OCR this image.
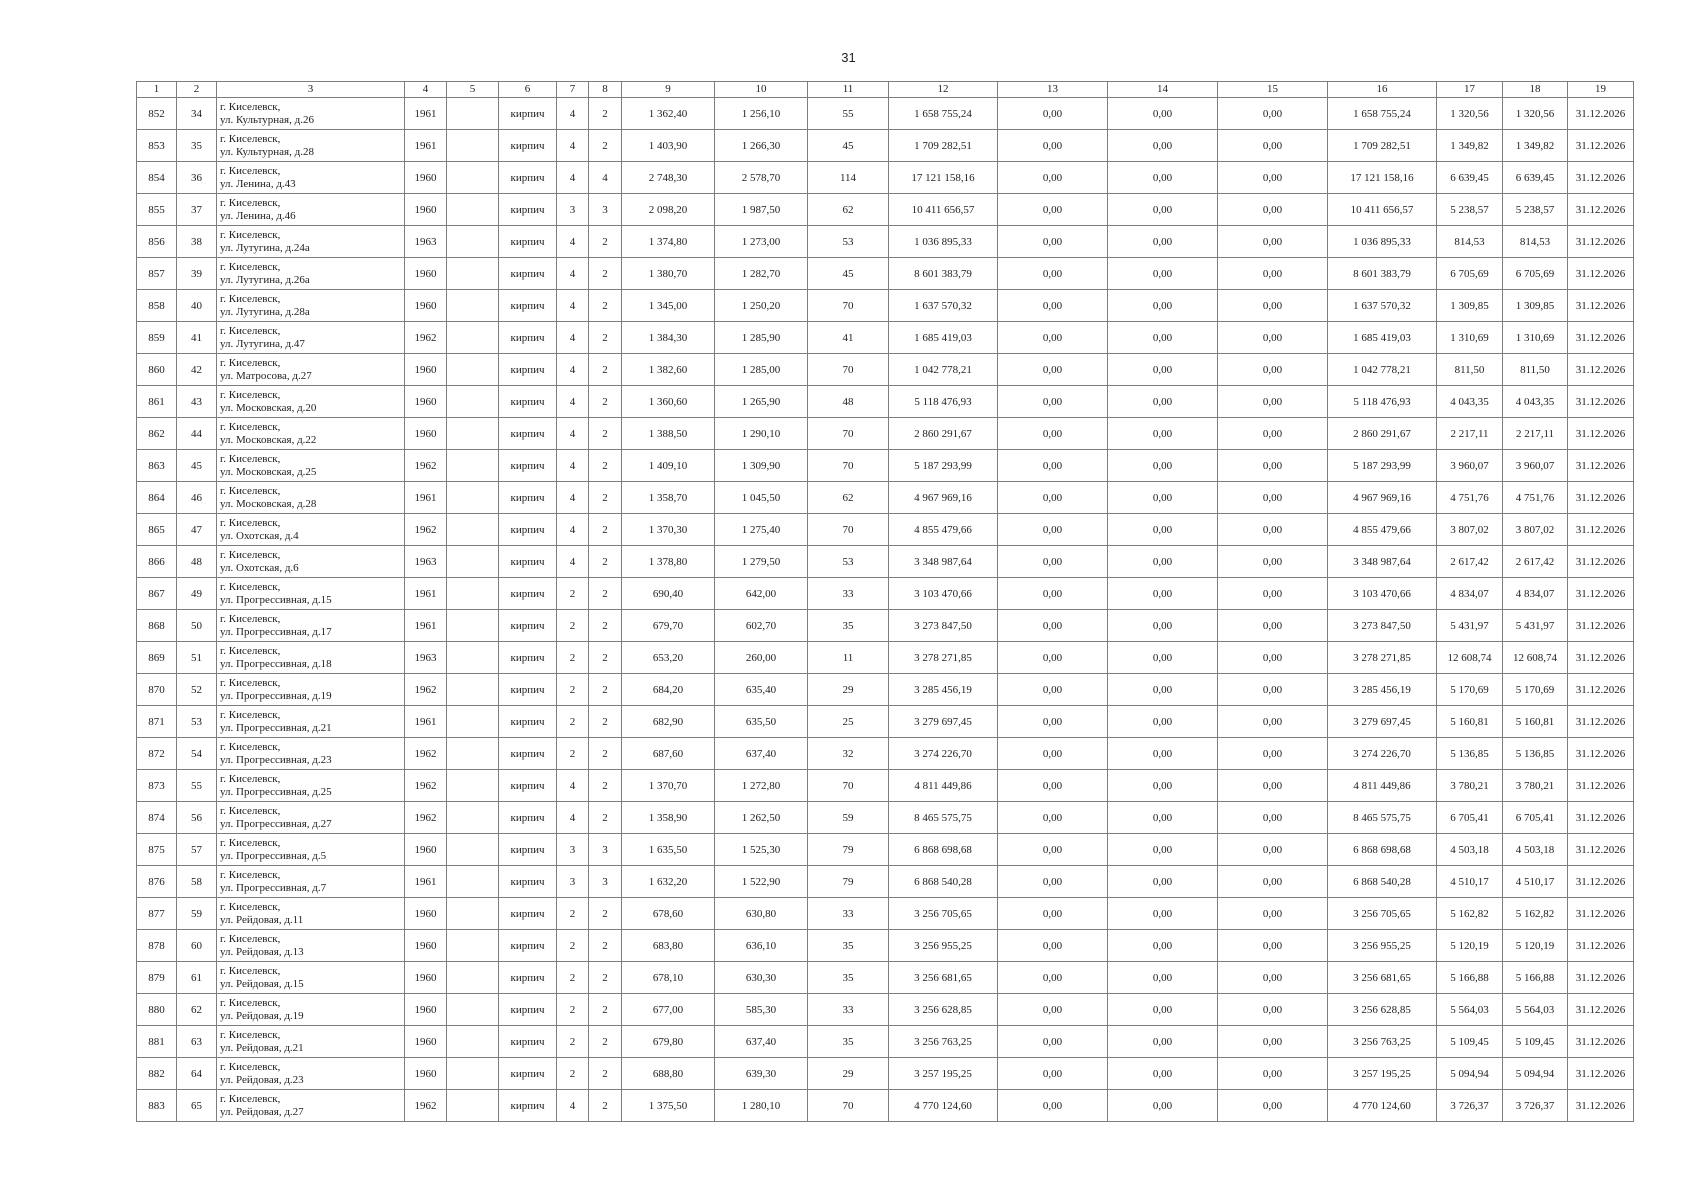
31
1	2	3	4	5	6	7	8	9	10	11	12	13	14	15	16	17	18	19
852	34	г. Киселевск,
ул. Культурная, д.26	1961		кирпич	4	2	1 362,40	1 256,10	55	1 658 755,24	0,00	0,00	0,00	1 658 755,24	1 320,56	1 320,56	31.12.2026
853	35	г. Киселевск,
ул. Культурная, д.28	1961		кирпич	4	2	1 403,90	1 266,30	45	1 709 282,51	0,00	0,00	0,00	1 709 282,51	1 349,82	1 349,82	31.12.2026
854	36	г. Киселевск,
ул. Ленина, д.43	1960		кирпич	4	4	2 748,30	2 578,70	114	17 121 158,16	0,00	0,00	0,00	17 121 158,16	6 639,45	6 639,45	31.12.2026
855	37	г. Киселевск,
ул. Ленина, д.46	1960		кирпич	3	3	2 098,20	1 987,50	62	10 411 656,57	0,00	0,00	0,00	10 411 656,57	5 238,57	5 238,57	31.12.2026
856	38	г. Киселевск,
ул. Лутугина, д.24а	1963		кирпич	4	2	1 374,80	1 273,00	53	1 036 895,33	0,00	0,00	0,00	1 036 895,33	814,53	814,53	31.12.2026
857	39	г. Киселевск,
ул. Лутугина, д.26а	1960		кирпич	4	2	1 380,70	1 282,70	45	8 601 383,79	0,00	0,00	0,00	8 601 383,79	6 705,69	6 705,69	31.12.2026
858	40	г. Киселевск,
ул. Лутугина, д.28а	1960		кирпич	4	2	1 345,00	1 250,20	70	1 637 570,32	0,00	0,00	0,00	1 637 570,32	1 309,85	1 309,85	31.12.2026
859	41	г. Киселевск,
ул. Лутугина, д.47	1962		кирпич	4	2	1 384,30	1 285,90	41	1 685 419,03	0,00	0,00	0,00	1 685 419,03	1 310,69	1 310,69	31.12.2026
860	42	г. Киселевск,
ул. Матросова, д.27	1960		кирпич	4	2	1 382,60	1 285,00	70	1 042 778,21	0,00	0,00	0,00	1 042 778,21	811,50	811,50	31.12.2026
861	43	г. Киселевск,
ул. Московская, д.20	1960		кирпич	4	2	1 360,60	1 265,90	48	5 118 476,93	0,00	0,00	0,00	5 118 476,93	4 043,35	4 043,35	31.12.2026
862	44	г. Киселевск,
ул. Московская, д.22	1960		кирпич	4	2	1 388,50	1 290,10	70	2 860 291,67	0,00	0,00	0,00	2 860 291,67	2 217,11	2 217,11	31.12.2026
863	45	г. Киселевск,
ул. Московская, д.25	1962		кирпич	4	2	1 409,10	1 309,90	70	5 187 293,99	0,00	0,00	0,00	5 187 293,99	3 960,07	3 960,07	31.12.2026
864	46	г. Киселевск,
ул. Московская, д.28	1961		кирпич	4	2	1 358,70	1 045,50	62	4 967 969,16	0,00	0,00	0,00	4 967 969,16	4 751,76	4 751,76	31.12.2026
865	47	г. Киселевск,
ул. Охотская, д.4	1962		кирпич	4	2	1 370,30	1 275,40	70	4 855 479,66	0,00	0,00	0,00	4 855 479,66	3 807,02	3 807,02	31.12.2026
866	48	г. Киселевск,
ул. Охотская, д.6	1963		кирпич	4	2	1 378,80	1 279,50	53	3 348 987,64	0,00	0,00	0,00	3 348 987,64	2 617,42	2 617,42	31.12.2026
867	49	г. Киселевск,
ул. Прогрессивная, д.15	1961		кирпич	2	2	690,40	642,00	33	3 103 470,66	0,00	0,00	0,00	3 103 470,66	4 834,07	4 834,07	31.12.2026
868	50	г. Киселевск,
ул. Прогрессивная, д.17	1961		кирпич	2	2	679,70	602,70	35	3 273 847,50	0,00	0,00	0,00	3 273 847,50	5 431,97	5 431,97	31.12.2026
869	51	г. Киселевск,
ул. Прогрессивная, д.18	1963		кирпич	2	2	653,20	260,00	11	3 278 271,85	0,00	0,00	0,00	3 278 271,85	12 608,74	12 608,74	31.12.2026
870	52	г. Киселевск,
ул. Прогрессивная, д.19	1962		кирпич	2	2	684,20	635,40	29	3 285 456,19	0,00	0,00	0,00	3 285 456,19	5 170,69	5 170,69	31.12.2026
871	53	г. Киселевск,
ул. Прогрессивная, д.21	1961		кирпич	2	2	682,90	635,50	25	3 279 697,45	0,00	0,00	0,00	3 279 697,45	5 160,81	5 160,81	31.12.2026
872	54	г. Киселевск,
ул. Прогрессивная, д.23	1962		кирпич	2	2	687,60	637,40	32	3 274 226,70	0,00	0,00	0,00	3 274 226,70	5 136,85	5 136,85	31.12.2026
873	55	г. Киселевск,
ул. Прогрессивная, д.25	1962		кирпич	4	2	1 370,70	1 272,80	70	4 811 449,86	0,00	0,00	0,00	4 811 449,86	3 780,21	3 780,21	31.12.2026
874	56	г. Киселевск,
ул. Прогрессивная, д.27	1962		кирпич	4	2	1 358,90	1 262,50	59	8 465 575,75	0,00	0,00	0,00	8 465 575,75	6 705,41	6 705,41	31.12.2026
875	57	г. Киселевск,
ул. Прогрессивная, д.5	1960		кирпич	3	3	1 635,50	1 525,30	79	6 868 698,68	0,00	0,00	0,00	6 868 698,68	4 503,18	4 503,18	31.12.2026
876	58	г. Киселевск,
ул. Прогрессивная, д.7	1961		кирпич	3	3	1 632,20	1 522,90	79	6 868 540,28	0,00	0,00	0,00	6 868 540,28	4 510,17	4 510,17	31.12.2026
877	59	г. Киселевск,
ул. Рейдовая, д.11	1960		кирпич	2	2	678,60	630,80	33	3 256 705,65	0,00	0,00	0,00	3 256 705,65	5 162,82	5 162,82	31.12.2026
878	60	г. Киселевск,
ул. Рейдовая, д.13	1960		кирпич	2	2	683,80	636,10	35	3 256 955,25	0,00	0,00	0,00	3 256 955,25	5 120,19	5 120,19	31.12.2026
879	61	г. Киселевск,
ул. Рейдовая, д.15	1960		кирпич	2	2	678,10	630,30	35	3 256 681,65	0,00	0,00	0,00	3 256 681,65	5 166,88	5 166,88	31.12.2026
880	62	г. Киселевск,
ул. Рейдовая, д.19	1960		кирпич	2	2	677,00	585,30	33	3 256 628,85	0,00	0,00	0,00	3 256 628,85	5 564,03	5 564,03	31.12.2026
881	63	г. Киселевск,
ул. Рейдовая, д.21	1960		кирпич	2	2	679,80	637,40	35	3 256 763,25	0,00	0,00	0,00	3 256 763,25	5 109,45	5 109,45	31.12.2026
882	64	г. Киселевск,
ул. Рейдовая, д.23	1960		кирпич	2	2	688,80	639,30	29	3 257 195,25	0,00	0,00	0,00	3 257 195,25	5 094,94	5 094,94	31.12.2026
883	65	г. Киселевск,
ул. Рейдовая, д.27	1962		кирпич	4	2	1 375,50	1 280,10	70	4 770 124,60	0,00	0,00	0,00	4 770 124,60	3 726,37	3 726,37	31.12.2026
